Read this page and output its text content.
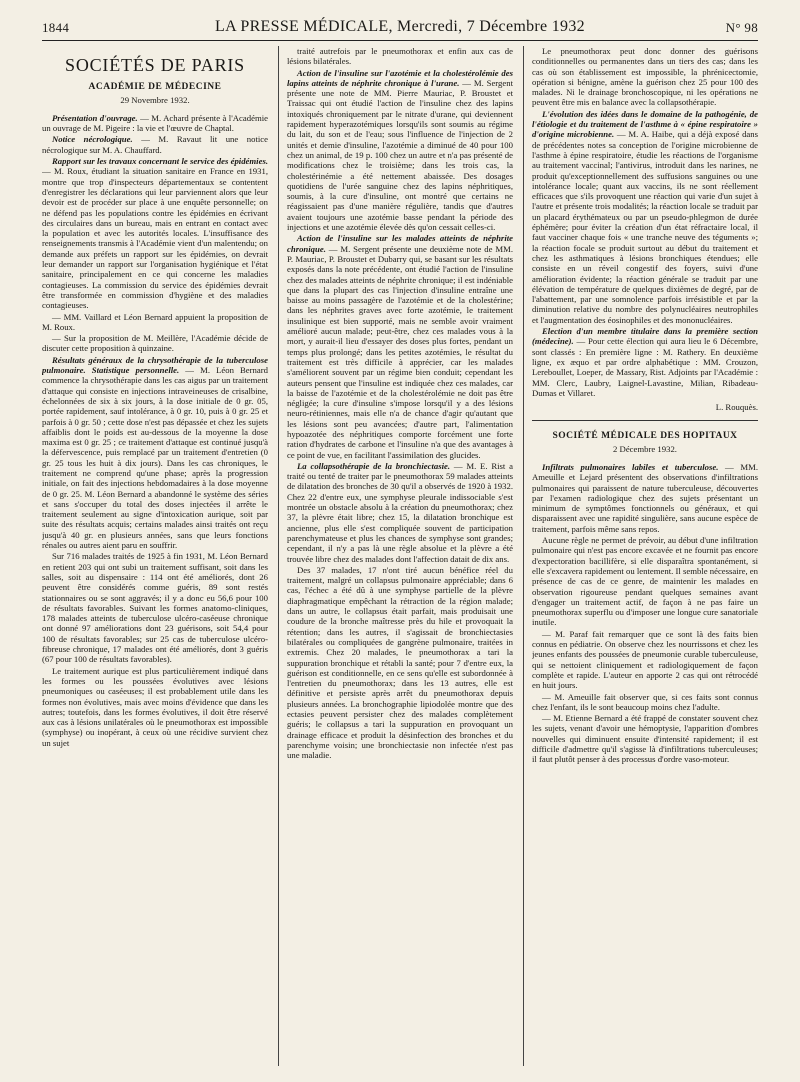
1844	LA PRESSE MÉDICALE, Mercredi, 7 Décembre 1932	N° 98
SOCIÉTÉS DE PARIS
ACADÉMIE DE MÉDECINE
29 Novembre 1932.

Présentation d'ouvrage. — M. Achard présente à l'Académie un ouvrage de M. Pigeire : la vie et l'œuvre de Chaptal.

Notice nécrologique. — M. Ravaut lit une notice nécrologique sur M. A. Chauffard.

Rapport sur les travaux concernant le service des épidémies. — M. Roux, étudiant la situation sanitaire en France en 1931, montre que trop d'inspecteurs départementaux se contentent d'enregistrer les déclarations qui leur parviennent alors que leur devoir est de procéder sur place à une enquête personnelle; on ne défend pas les populations contre les épidémies en écrivant des circulaires dans un bureau, mais en entrant en contact avec la population et avec les autorités locales. L'insuffisance des renseignements transmis à l'Académie vient d'un malentendu; on demande aux préfets un rapport sur les épidémies, on devrait leur demander un rapport sur l'organisation hygiénique et l'état sanitaire, principalement en ce qui concerne les maladies contagieuses. La commission du service des épidémies devrait être transformée en commission d'hygiène et des maladies contagieuses.

— MM. Vaillard et Léon Bernard appuient la proposition de M. Roux.

— Sur la proposition de M. Meillère, l'Académie décide de discuter cette proposition à quinzaine.

Résultats généraux de la chrysothérapie de la tuberculose pulmonaire. Statistique personnelle. — M. Léon Bernard commence la chrysothérapie dans les cas aigus par un traitement d'attaque qui consiste en injections intraveineuses de crisalbine, échelonnées de six à six jours, à la dose initiale de 0 gr. 05, portée rapidement, sauf intolérance, à 0 gr. 10, puis à 0 gr. 25 et parfois à 0 gr. 50 ; cette dose n'est pas dépassée et chez les sujets affaiblis dont le poids est au-dessous de la moyenne la dose maxima est 0 gr. 25 ; ce traitement d'attaque est continué jusqu'à la défervescence, puis remplacé par un traitement d'entretien (0 gr. 25 tous les huit à dix jours). Dans les cas chroniques, le traitement ne comprend qu'une phase; après la progression initiale, on fait des injections hebdomadaires à la dose moyenne de 0 gr. 25. M. Léon Bernard a abandonné le système des séries et sans s'occuper du total des doses injectées il arrête le traitement seulement au signe d'intoxication aurique, soit par suite des résultats acquis; certains malades ainsi traités ont reçu jusqu'à 40 gr. en plusieurs années, sans que leurs fonctions rénales ou autres aient paru en souffrir.

Sur 716 malades traités de 1925 à fin 1931, M. Léon Bernard en retient 203 qui ont subi un traitement suffisant, soit dans les salles, soit au dispensaire : 114 ont été améliorés, dont 26 peuvent être considérés comme guéris, 89 sont restés stationnaires ou se sont aggravés; il y a donc eu 56,6 pour 100 de résultats favorables. Suivant les formes anatomo-cliniques, 178 malades atteints de tuberculose ulcéro-caséeuse chronique ont donné 97 améliorations dont 23 guérisons, soit 54,4 pour 100 de résultats favorables; sur 25 cas de tuberculose ulcéro-fibreuse chronique, 17 malades ont été améliorés, dont 3 guéris (67 pour 100 de résultats favorables).

Le traitement aurique est plus particulièrement indiqué dans les formes ou les poussées évolutives avec lésions pneumoniques ou caséeuses; il est probablement utile dans les formes non évolutives, mais avec moins d'évidence que dans les autres; toutefois, dans les formes évolutives, il doit être réservé aux cas à lésions unilatérales où le pneumothorax est impossible (symphyse) ou inopérant, à ceux où une récidive survient chez un sujet

traité autrefois par le pneumothorax et enfin aux cas de lésions bilatérales.

Action de l'insuline sur l'azotémie et la cholestérolémie des lapins atteints de néphrite chronique à l'urane. — M. Sergent présente une note de MM. Pierre Mauriac, P. Broustet et Traissac qui ont étudié l'action de l'insuline chez des lapins intoxiqués chroniquement par le nitrate d'urane, qui deviennent rapidement hyperazotémiques lorsqu'ils sont soumis au régime du lait, du son et de l'eau; sous l'influence de l'injection de 2 unités et demie d'insuline, l'azotémie a diminué de 40 pour 100 chez un animal, de 19 p. 100 chez un autre et n'a pas présenté de modifications chez le troisième; dans les trois cas, la cholestérinémie a été nettement abaissée. Des dosages quotidiens de l'urée sanguine chez des lapins néphritiques, soumis, à la cure d'insuline, ont montré que certains ne réagissaient pas d'une manière régulière, tandis que d'autres avaient toujours une azotémie basse pendant la période des injections et une azotémie élevée dès qu'on cessait celles-ci.

Action de l'insuline sur les malades atteints de néphrite chronique. — M. Sergent présente une deuxième note de MM. P. Mauriac, P. Broustet et Dubarry qui, se basant sur les résultats exposés dans la note précédente, ont étudié l'action de l'insuline chez des malades atteints de néphrite chronique; il est indéniable que dans la plupart des cas l'injection d'insuline entraîne une baisse au moins passagère de l'azotémie et de la cholestérine; dans les néphrites graves avec forte azotémie, le traitement insulinique est bien supporté, mais ne semble avoir vraiment amélioré aucun malade; peut-être, chez ces malades vous à la mort, y aurait-il lieu d'essayer des doses plus fortes, pendant un temps plus prolongé; dans les petites azotémies, le résultat du traitement est très difficile à apprécier, car les malades s'améliorent souvent par un régime bien conduit; cependant les auteurs pensent que l'insuline est indiquée chez ces malades, car la baisse de l'azotémie et de la cholestérolémie ne doit pas être négligée; la cure d'insuline s'impose lorsqu'il y a des lésions neuro-rétiniennes, mais elle n'a de chance d'agir qu'autant que les lésions sont peu avancées; d'autre part, l'alimentation hypoazotée des néphritiques comporte forcément une forte ration d'hydrates de carbone et l'insuline n'a que des avantages à ce point de vue, en facilitant l'assimilation des glucides.

La collapsothérapie de la bronchiectasie. — M. E. Rist a traité ou tenté de traiter par le pneumothorax 59 malades atteints de dilatation des bronches de 30 qu'il a observés de 1920 à 1932. Chez 22 d'entre eux, une symphyse pleurale indissociable s'est montrée un obstacle absolu à la création du pneumothorax; chez 37, la plèvre était libre; chez 15, la dilatation bronchique est ancienne, plus elle s'est compliquée souvent de participation parenchymateuse et plus les chances de symphyse sont grandes; cependant, il n'y a pas là une règle absolue et la plèvre a été trouvée libre chez des malades dont l'affection datait de dix ans.

Des 37 malades, 17 n'ont tiré aucun bénéfice réel du traitement, malgré un collapsus pulmonaire appréciable; dans 6 cas, l'échec a été dû à une symphyse partielle de la plèvre diaphragmatique empêchant la rétraction de la région malade; dans un autre, le collapsus était parfait, mais produisait une coudure de la bronche maîtresse près du hile et provoquait la rétention; dans les autres, il s'agissait de bronchiectasies bilatérales ou compliquées de gangrène pulmonaire, traitées in extremis. Chez 20 malades, le pneumothorax a tari la suppuration bronchique et rétabli la santé; pour 7 d'entre eux, la guérison est conditionnelle, en ce sens qu'elle est subordonnée à l'entretien du pneumothorax; dans les 13 autres, elle est définitive et persiste après arrêt du pneumothorax depuis plusieurs années. La bronchographie lipiodolée montre que des ectasies peuvent persister chez des malades complètement guéris; le collapsus a tari la suppuration en provoquant un drainage efficace et produit la désinfection des bronches et du parenchyme voisin; une bronchiectasie non infectée n'est pas une maladie.

Le pneumothorax peut donc donner des guérisons conditionnelles ou permanentes dans un tiers des cas; dans les cas où son établissement est impossible, la phrénicectomie, opération si bénigne, amène la guérison chez 25 pour 100 des malades. Ni le drainage bronchoscopique, ni les opérations ne peuvent être mis en balance avec la collapsothérapie.

L'évolution des idées dans le domaine de la pathogénie, de l'étiologie et du traitement de l'asthme à « épine respiratoire » d'origine microbienne. — M. A. Haibe, qui a déjà exposé dans de précédentes notes sa conception de l'origine microbienne de l'asthme à épine respiratoire, étudie les réactions de l'organisme au traitement vaccinal; l'antivirus, introduit dans les narines, ne produit qu'exceptionnellement des suffusions sanguines ou une intolérance locale; quant aux vaccins, ils ne sont réellement efficaces que s'ils provoquent une réaction qui varie d'un sujet à l'autre et présente trois modalités; la réaction locale se traduit par un placard érythémateux ou par un pseudo-phlegmon de durée éphémère; pour éviter la création d'un état réfractaire local, il faut vacciner chaque fois « une tranche neuve des téguments »; la réaction focale se produit surtout au début du traitement et chez les asthmatiques à lésions bronchiques étendues; elle consiste en un réveil congestif des foyers, suivi d'une amélioration évidente; la réaction générale se traduit par une élévation de température de quelques dixièmes de degré, par de l'abattement, par une somnolence parfois irrésistible et par la diminution relative du nombre des polynucléaires neutrophiles et l'augmentation des éosinophiles et des mononucléaires.

Election d'un membre titulaire dans la première section (médecine). — Pour cette élection qui aura lieu le 6 Décembre, sont classés : En première ligne : M. Rathery. En deuxième ligne, ex æquo et par ordre alphabétique : MM. Crouzon, Lereboullet, Loeper, de Massary, Rist. Adjoints par l'Académie : MM. Clerc, Laubry, Laignel-Lavastine, Milian, Ribadeau-Dumas et Villaret.

L. Rouquès.
SOCIÉTÉ MÉDICALE DES HOPITAUX
2 Décembre 1932.

Infiltrats pulmonaires labiles et tuberculose. — MM. Ameuille et Lejard présentent des observations d'infiltrations pulmonaires qui paraissent de nature tuberculeuse, découvertes par l'examen radiologique chez des sujets présentant un minimum de symptômes fonctionnels ou généraux, et qui disparaissent avec une rapidité singulière, sans aucune espèce de traitement, parfois même sans repos.

Aucune règle ne permet de prévoir, au début d'une infiltration pulmonaire qui n'est pas encore excavée et ne fournit pas encore d'expectoration bacillifère, si elle disparaîtra spontanément, si elle s'excavera rapidement ou lentement. Il semble nécessaire, en présence de cas de ce genre, de maintenir les malades en observation rigoureuse pendant quelques semaines avant d'engager un traitement actif, de façon à ne pas faire un pneumothorax superflu ou d'imposer une longue cure sanatoriale inutile.

— M. Paraf fait remarquer que ce sont là des faits bien connus en pédiatrie. On observe chez les nourrissons et chez les jeunes enfants des poussées de pneumonie curable tuberculeuse, qui se nettoient cliniquement et radiologiquement de façon complète et rapide. L'auteur en apporte 2 cas qui ont rétrocédé en huit jours.

— M. Ameuille fait observer que, si ces faits sont connus chez l'enfant, ils le sont beaucoup moins chez l'adulte.

— M. Etienne Bernard a été frappé de constater souvent chez les sujets, venant d'avoir une hémoptysie, l'apparition d'ombres nouvelles qui diminuent ensuite d'intensité rapidement; il est difficile d'admettre qu'il s'agisse là d'infiltrations tuberculeuses; il faut plutôt penser à des processus d'ordre vaso-moteur.
